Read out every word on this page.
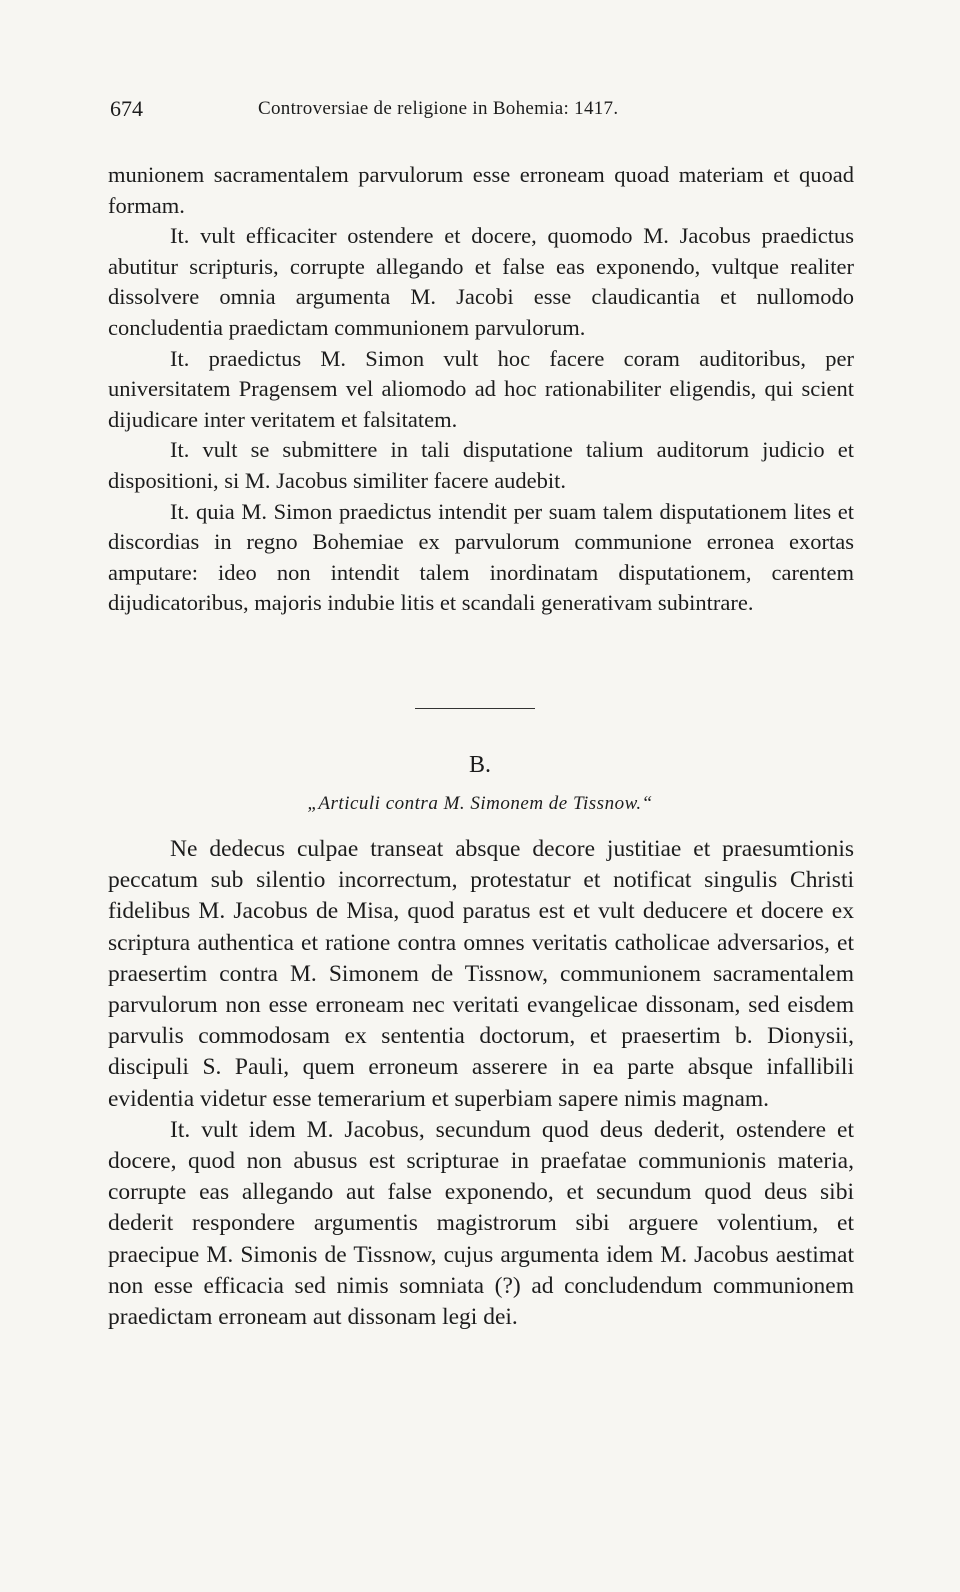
674	Controversiae de religione in Bohemia: 1417.

munionem sacramentalem parvulorum esse erroneam quoad materiam et quoad formam.

It. vult efficaciter ostendere et docere, quomodo M. Jacobus praedictus abutitur scripturis, corrupte allegando et false eas exponendo, vultque realiter dissolvere omnia argumenta M. Jacobi esse claudicantia et nullomodo concludentia praedictam communionem parvulorum.

It. praedictus M. Simon vult hoc facere coram auditoribus, per universitatem Pragensem vel aliomodo ad hoc rationabiliter eligendis, qui scient dijudicare inter veritatem et falsitatem.

It. vult se submittere in tali disputatione talium auditorum judicio et dispositioni, si M. Jacobus similiter facere audebit.

It. quia M. Simon praedictus intendit per suam talem disputationem lites et discordias in regno Bohemiae ex parvulorum communione erronea exortas amputare: ideo non intendit talem inordinatam disputationem, carentem dijudicatoribus, majoris indubie litis et scandali generativam subintrare.

B.
„Articuli contra M. Simonem de Tissnow.“

Ne dedecus culpae transeat absque decore justitiae et praesumtionis peccatum sub silentio incorrectum, protestatur et notificat singulis Christi fidelibus M. Jacobus de Misa, quod paratus est et vult deducere et docere ex scriptura authentica et ratione contra omnes veritatis catholicae adversarios, et praesertim contra M. Simonem de Tissnow, communionem sacramentalem parvulorum non esse erroneam nec veritati evangelicae dissonam, sed eisdem parvulis commodosam ex sententia doctorum, et praesertim b. Dionysii, discipuli S. Pauli, quem erroneum asserere in ea parte absque infallibili evidentia videtur esse temerarium et superbiam sapere nimis magnam.

It. vult idem M. Jacobus, secundum quod deus dederit, ostendere et docere, quod non abusus est scripturae in praefatae communionis materia, corrupte eas allegando aut false exponendo, et secundum quod deus sibi dederit respondere argumentis magistrorum sibi arguere volentium, et praecipue M. Simonis de Tissnow, cujus argumenta idem M. Jacobus aestimat non esse efficacia sed nimis somniata (?) ad concludendum communionem praedictam erroneam aut dissonam legi dei.
